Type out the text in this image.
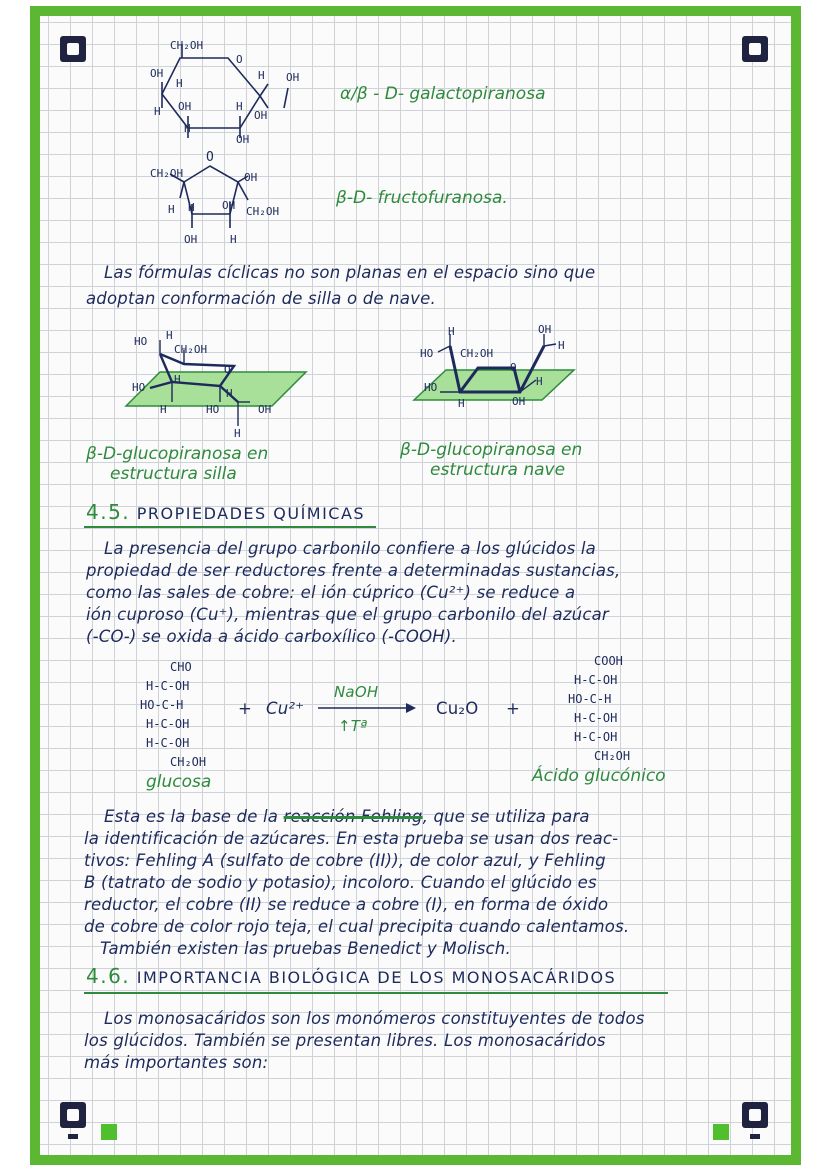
CH₂OH
O
OH
H
H OH	H
OH
H OH
H
OH
α/β - D- galactopiranosa
CH₂OH
O
OH
H H OH CH₂OH
OH	H
β-D- fructofuranosa.
Las fórmulas cíclicas no son planas en el espacio sino que
adoptan conformación de silla o de nave.
HO H
CH₂OH
HO
H
O
H
HO	OH
H
H
H	OH
HO CH₂OH
H
HO
O
H
H	OH
β-D-glucopiranosa en
estructura silla
β-D-glucopiranosa en
estructura nave
4.5. PROPIEDADES QUÍMICAS
La presencia del grupo carbonilo confiere a los glúcidos la
propiedad de ser reductores frente a determinadas sustancias,
como las sales de cobre: el ión cúprico (Cu²⁺) se reduce a
ión cuproso (Cu⁺), mientras que el grupo carbonilo del azúcar
(-CO-) se oxida a ácido carboxílico (-COOH).
CHO
H-C-OH
HO-C-H
H-C-OH
H-C-OH
CH₂OH
glucosa
+ Cu²⁺
NaOH
↑Tª
Cu₂O +
COOH
H-C-OH
HO-C-H
H-C-OH
H-C-OH
CH₂OH
Ácido glucónico
Esta es la base de la reacción Fehling, que se utiliza para
la identificación de azúcares. En esta prueba se usan dos reac-
tivos: Fehling A (sulfato de cobre (II)), de color azul, y Fehling
B (tatrato de sodio y potasio), incoloro. Cuando el glúcido es
reductor, el cobre (II) se reduce a cobre (I), en forma de óxido
de cobre de color rojo teja, el cual precipita cuando calentamos.
También existen las pruebas Benedict y Molisch.
4.6. IMPORTANCIA BIOLÓGICA DE LOS MONOSACÁRIDOS
Los monosacáridos son los monómeros constituyentes de todos
los glúcidos. También se presentan libres. Los monosacáridos
más importantes son:
